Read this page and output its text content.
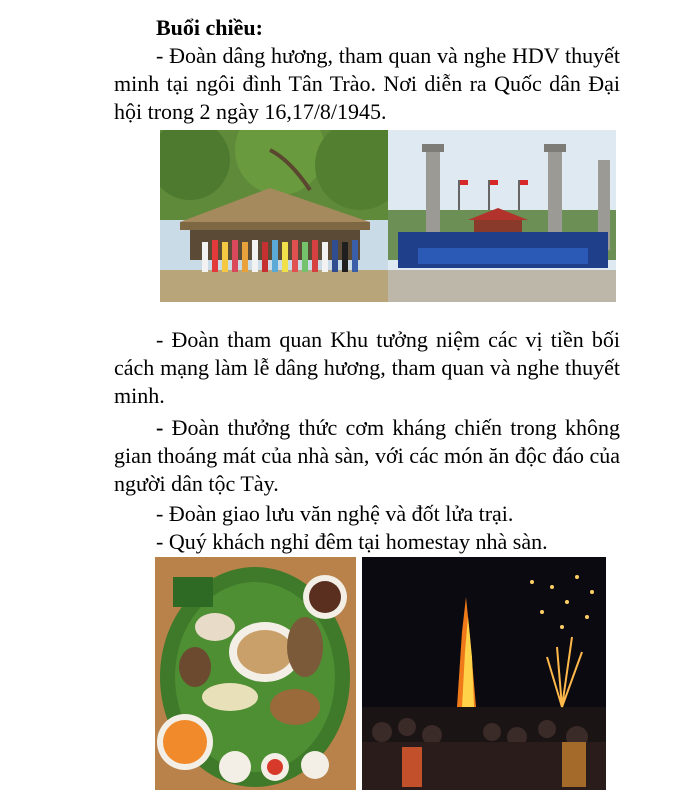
Buổi chiều:

- Đoàn dâng hương, tham quan và nghe HDV thuyết minh tại ngôi đình Tân Trào. Nơi diễn ra Quốc dân Đại hội trong 2 ngày 16,17/8/1945.

- Đoàn tham quan Khu tưởng niệm các vị tiền bối cách mạng làm lễ dâng hương, tham quan và nghe thuyết minh.

- Đoàn thưởng thức cơm kháng chiến trong không gian thoáng mát của nhà sàn, với các món ăn độc đáo của người dân tộc Tày.

- Đoàn giao lưu văn nghệ và đốt lửa trại.

- Quý khách nghỉ đêm tại homestay nhà sàn.
